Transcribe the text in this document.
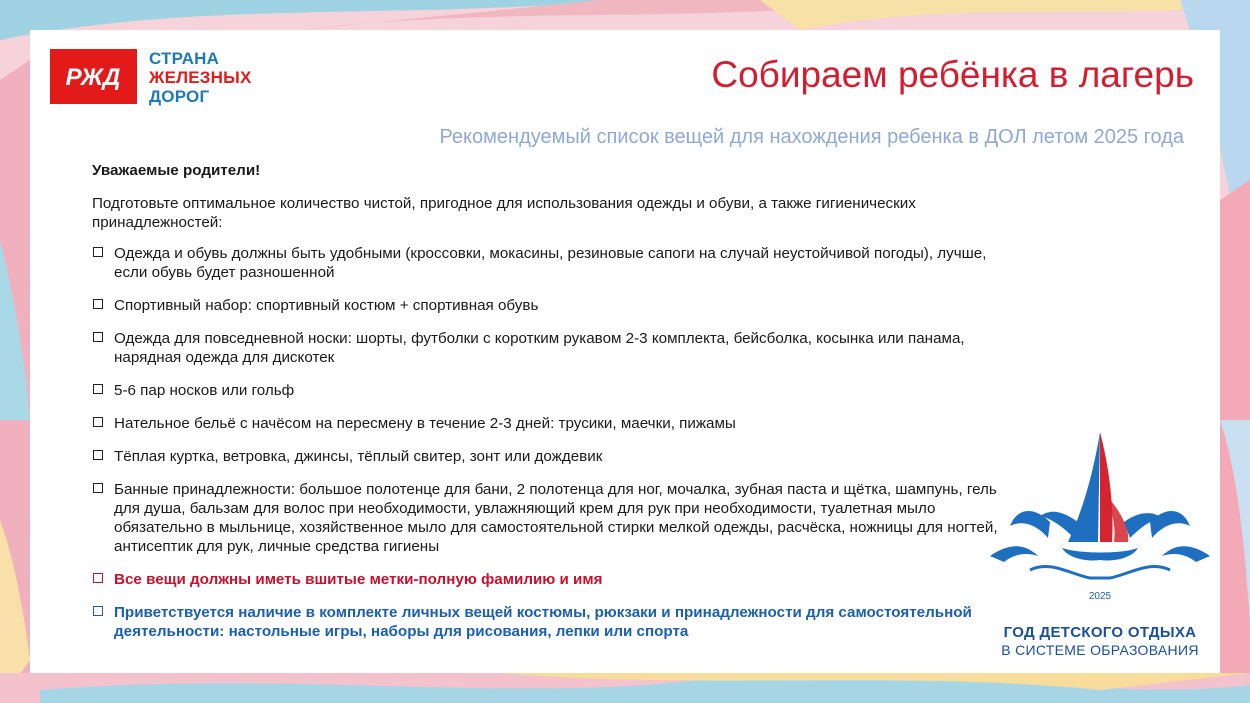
РЖД
СТРАНА
ЖЕЛЕЗНЫХ
ДОРОГ
Собираем ребёнка в лагерь
Рекомендуемый список вещей для нахождения ребенка в ДОЛ летом 2025 года

Уважаемые родители!

Подготовьте оптимальное количество чистой, пригодное для использования одежды и обуви, а также гигиенических принадлежностей:

Одежда и обувь должны быть удобными (кроссовки, мокасины, резиновые сапоги на случай неустойчивой погоды), лучше, если обувь будет разношенной
Спортивный набор: спортивный костюм + спортивная обувь
Одежда для повседневной носки: шорты, футболки с коротким рукавом 2-3 комплекта, бейсболка, косынка или панама, нарядная одежда для дискотек
5-6 пар носков или гольф
Нательное бельё с начёсом на пересмену в течение 2-3 дней: трусики, маечки, пижамы
Тёплая куртка, ветровка, джинсы, тёплый свитер, зонт или дождевик
Банные принадлежности: большое полотенце для бани, 2 полотенца для ног, мочалка, зубная паста и щётка, шампунь, гель для душа, бальзам для волос при необходимости, увлажняющий крем для рук при необходимости, туалетная мыло обязательно в мыльнице, хозяйственное мыло для самостоятельной стирки мелкой одежды, расчёска, ножницы для ногтей, антисептик для рук, личные средства гигиены
Все вещи должны иметь вшитые метки-полную фамилию и имя
Приветствуется наличие в комплекте личных вещей костюмы, рюкзаки и принадлежности для самостоятельной деятельности: настольные игры, наборы для рисования, лепки или спорта
2025
ГОД ДЕТСКОГО ОТДЫХА
В СИСТЕМЕ ОБРАЗОВАНИЯ
